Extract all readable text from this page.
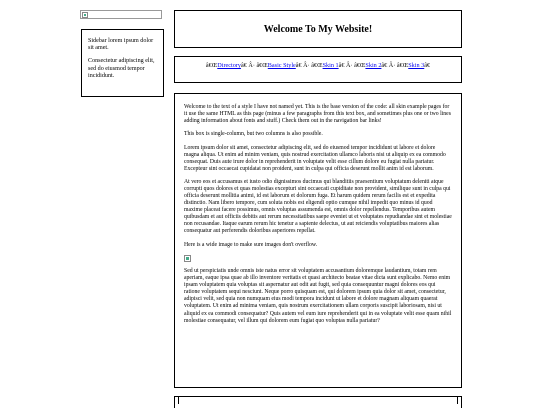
Sidebar lorem ipsum dolor sit amet.

Consectetur adipiscing elit, sed do eiusmod tempor incididunt.

Welcome To My Website!
â€ŒDirectoryâ€ Â· â€ŒBasic Styleâ€ Â· â€ŒSkin 1â€ Â· â€ŒSkin 2â€ Â· â€ŒSkin 3â€

Welcome to the text of a style I have not named yet. This is the base version of the code: all skin example pages for it use the same HTML as this page (minus a few paragraphs from this text box, and sometimes plus one or two lines adding information about fonts and stuff.) Check them out in the navigation bar links!

This box is single-column, but two columns is also possible.

Lorem ipsum dolor sit amet, consectetur adipiscing elit, sed do eiusmod tempor incididunt ut labore et dolore magna aliqua. Ut enim ad minim veniam, quis nostrud exercitation ullamco laboris nisi ut aliquip ex ea commodo consequat. Duis aute irure dolor in reprehenderit in voluptate velit esse cillum dolore eu fugiat nulla pariatur. Excepteur sint occaecat cupidatat non proident, sunt in culpa qui officia deserunt mollit anim id est laborum.

At vero eos et accusamus et iusto odio dignissimos ducimus qui blanditiis praesentium voluptatum deleniti atque corrupti quos dolores et quas molestias excepturi sint occaecati cupiditate non provident, similique sunt in culpa qui officia deserunt mollitia animi, id est laborum et dolorum fuga. Et harum quidem rerum facilis est et expedita distinctio. Nam libero tempore, cum soluta nobis est eligendi optio cumque nihil impedit quo minus id quod maxime placeat facere possimus, omnis voluptas assumenda est, omnis dolor repellendus. Temporibus autem quibusdam et aut officiis debitis aut rerum necessitatibus saepe eveniet ut et voluptates repudiandae sint et molestiae non recusandae. Itaque earum rerum hic tenetur a sapiente delectus, ut aut reiciendis voluptatibus maiores alias consequatur aut perferendis doloribus asperiores repellat.

Here is a wide image to make sure images don't overflow.

Sed ut perspiciatis unde omnis iste natus error sit voluptatem accusantium doloremque laudantium, totam rem aperiam, eaque ipsa quae ab illo inventore veritatis et quasi architecto beatae vitae dicta sunt explicabo. Nemo enim ipsam voluptatem quia voluptas sit aspernatur aut odit aut fugit, sed quia consequuntur magni dolores eos qui ratione voluptatem sequi nesciunt. Neque porro quisquam est, qui dolorem ipsum quia dolor sit amet, consectetur, adipisci velit, sed quia non numquam eius modi tempora incidunt ut labore et dolore magnam aliquam quaerat voluptatem. Ut enim ad minima veniam, quis nostrum exercitationem ullam corporis suscipit laboriosam, nisi ut aliquid ex ea commodi consequatur? Quis autem vel eum iure reprehenderit qui in ea voluptate velit esse quam nihil molestiae consequatur, vel illum qui dolorem eum fugiat quo voluptas nulla pariatur?
